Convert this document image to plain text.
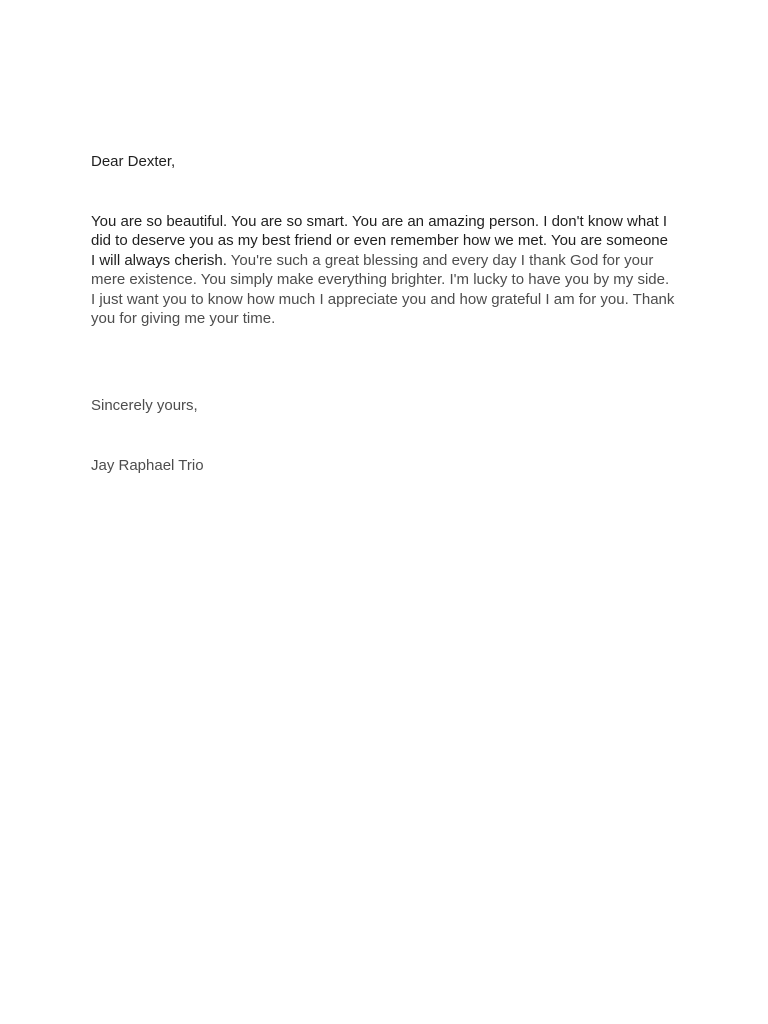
Dear Dexter,

You are so beautiful. You are so smart. You are an amazing person. I don't know what I
did to deserve you as my best friend or even remember how we met. You are someone
I will always cherish. You're such a great blessing and every day I thank God for your
mere existence. You simply make everything brighter. I'm lucky to have you by my side.
I just want you to know how much I appreciate you and how grateful I am for you. Thank
you for giving me your time.

Sincerely yours,
Jay Raphael Trio
